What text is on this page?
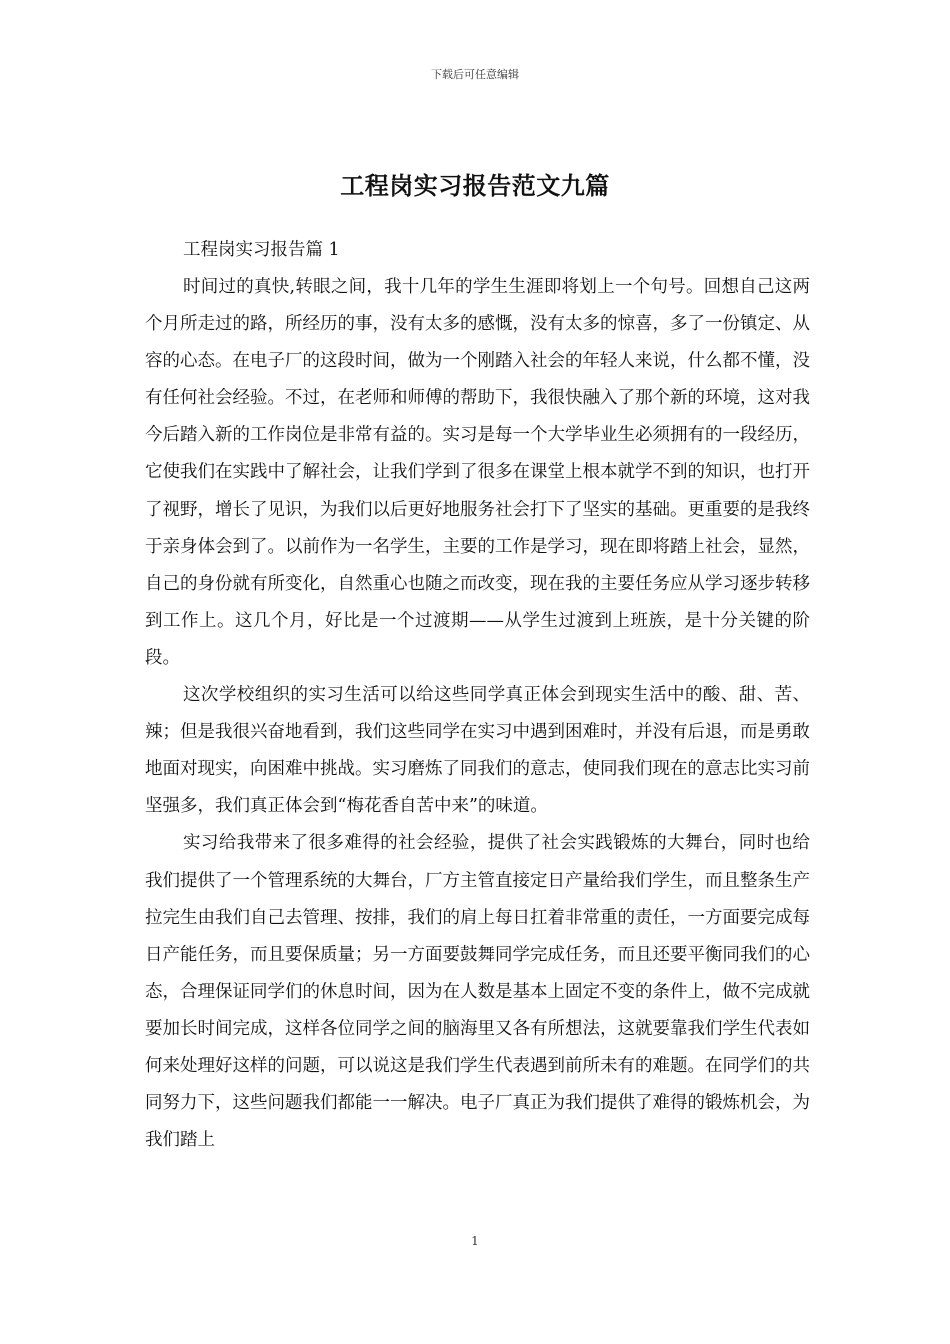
下载后可任意编辑
工程岗实习报告范文九篇

工程岗实习报告篇 1

时间过的真快,转眼之间，我十几年的学生生涯即将划上一个句号。回想自己这两个月所走过的路，所经历的事，没有太多的感慨，没有太多的惊喜，多了一份镇定、从容的心态。在电子厂的这段时间，做为一个刚踏入社会的年轻人来说，什么都不懂，没有任何社会经验。不过，在老师和师傅的帮助下，我很快融入了那个新的环境，这对我今后踏入新的工作岗位是非常有益的。实习是每一个大学毕业生必须拥有的一段经历，它使我们在实践中了解社会，让我们学到了很多在课堂上根本就学不到的知识，也打开了视野，增长了见识，为我们以后更好地服务社会打下了坚实的基础。更重要的是我终于亲身体会到了。以前作为一名学生，主要的工作是学习，现在即将踏上社会，显然，自己的身份就有所变化，自然重心也随之而改变，现在我的主要任务应从学习逐步转移到工作上。这几个月，好比是一个过渡期——从学生过渡到上班族，是十分关键的阶段。

这次学校组织的实习生活可以给这些同学真正体会到现实生活中的酸、甜、苦、辣；但是我很兴奋地看到，我们这些同学在实习中遇到困难时，并没有后退，而是勇敢地面对现实，向困难中挑战。实习磨炼了同我们的意志，使同我们现在的意志比实习前坚强多，我们真正体会到“梅花香自苦中来”的味道。

实习给我带来了很多难得的社会经验，提供了社会实践锻炼的大舞台，同时也给我们提供了一个管理系统的大舞台，厂方主管直接定日产量给我们学生，而且整条生产拉完生由我们自己去管理、按排，我们的肩上每日扛着非常重的责任，一方面要完成每日产能任务，而且要保质量；另一方面要鼓舞同学完成任务，而且还要平衡同我们的心态，合理保证同学们的休息时间，因为在人数是基本上固定不变的条件上，做不完成就要加长时间完成，这样各位同学之间的脑海里又各有所想法，这就要靠我们学生代表如何来处理好这样的问题，可以说这是我们学生代表遇到前所未有的难题。在同学们的共同努力下，这些问题我们都能一一解决。电子厂真正为我们提供了难得的锻炼机会，为我们踏上

1
